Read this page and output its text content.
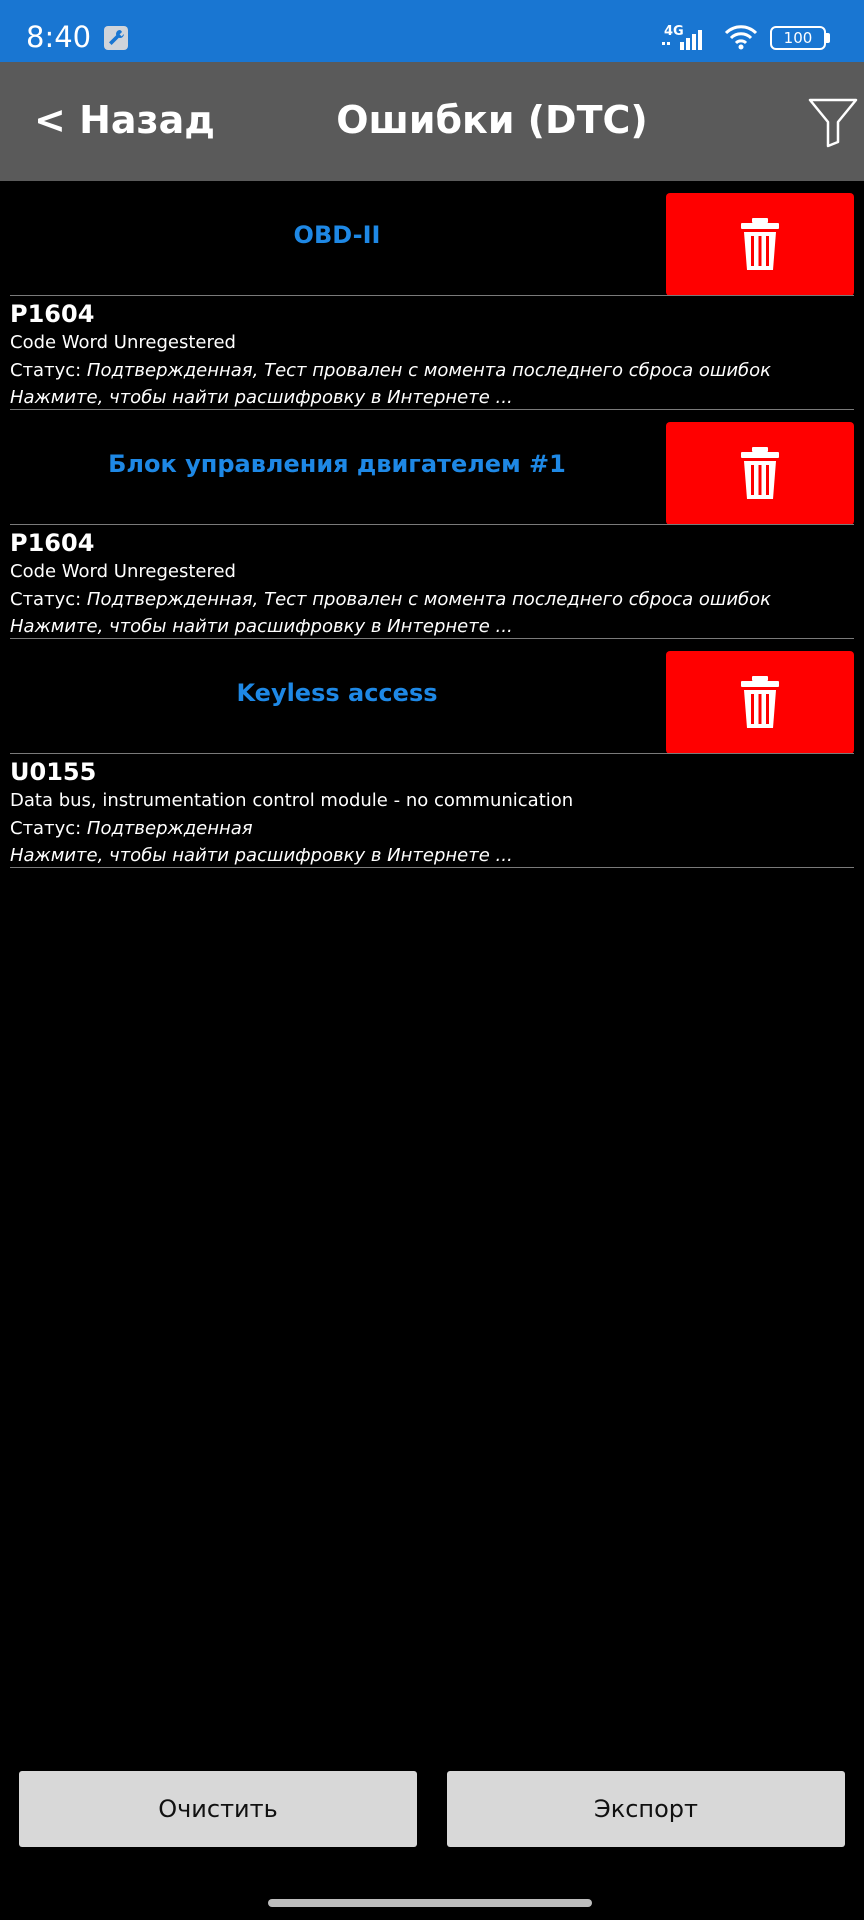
8:40	4G	100
< Назад	Ошибки (DTC)
OBD-II
P1604
Code Word Unregestered
Статус: Подтвержденная, Тест провален с момента последнего сброса ошибок
Нажмите, чтобы найти расшифровку в Интернете ...
Блок управления двигателем #1
P1604
Code Word Unregestered
Статус: Подтвержденная, Тест провален с момента последнего сброса ошибок
Нажмите, чтобы найти расшифровку в Интернете ...
Keyless access
U0155
Data bus, instrumentation control module - no communication
Статус: Подтвержденная
Нажмите, чтобы найти расшифровку в Интернете ...
Очистить	Экспорт
